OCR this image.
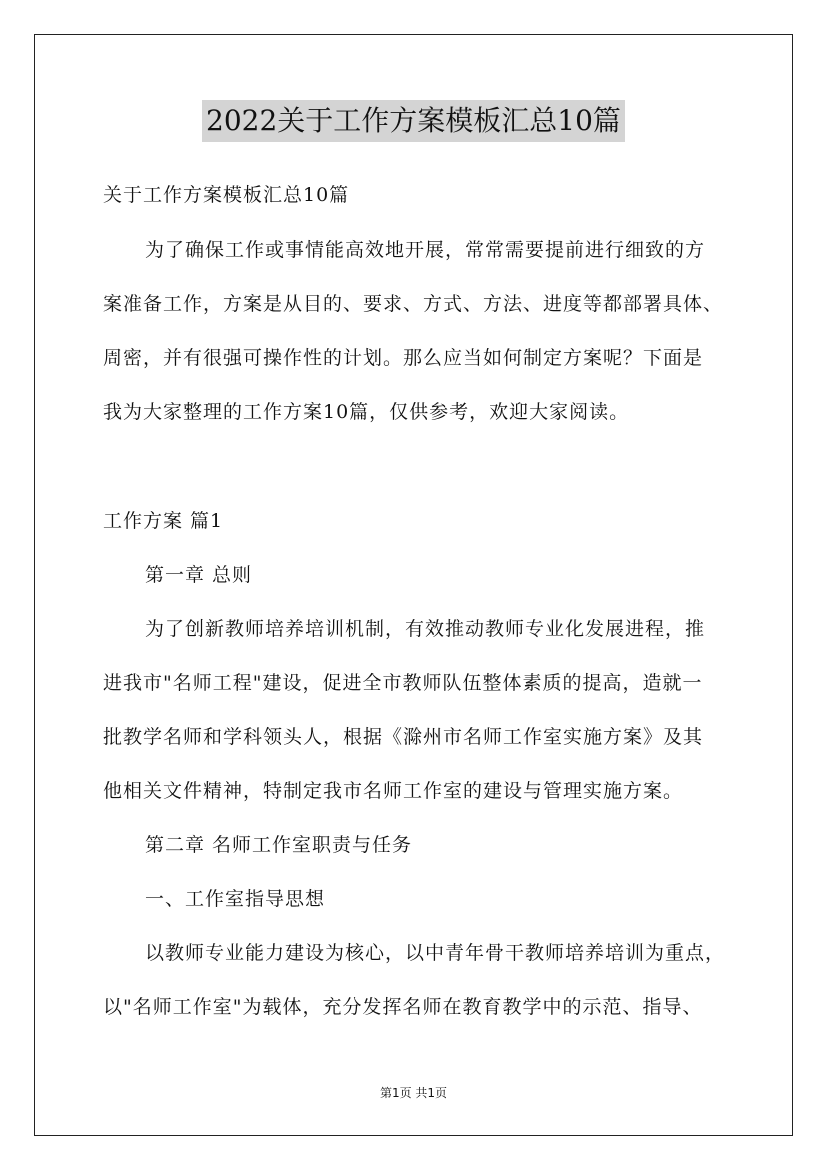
2022关于工作方案模板汇总10篇
关于工作方案模板汇总10篇
为了确保工作或事情能高效地开展，常常需要提前进行细致的方
案准备工作，方案是从目的、要求、方式、方法、进度等都部署具体、
周密，并有很强可操作性的计划。那么应当如何制定方案呢？下面是
我为大家整理的工作方案10篇，仅供参考，欢迎大家阅读。
工作方案 篇1
第一章 总则
为了创新教师培养培训机制，有效推动教师专业化发展进程，推
进我市"名师工程"建设，促进全市教师队伍整体素质的提高，造就一
批教学名师和学科领头人，根据《滁州市名师工作室实施方案》及其
他相关文件精神，特制定我市名师工作室的建设与管理实施方案。
第二章 名师工作室职责与任务
一、工作室指导思想
以教师专业能力建设为核心，以中青年骨干教师培养培训为重点，
以"名师工作室"为载体，充分发挥名师在教育教学中的示范、指导、
第1页 共1页
